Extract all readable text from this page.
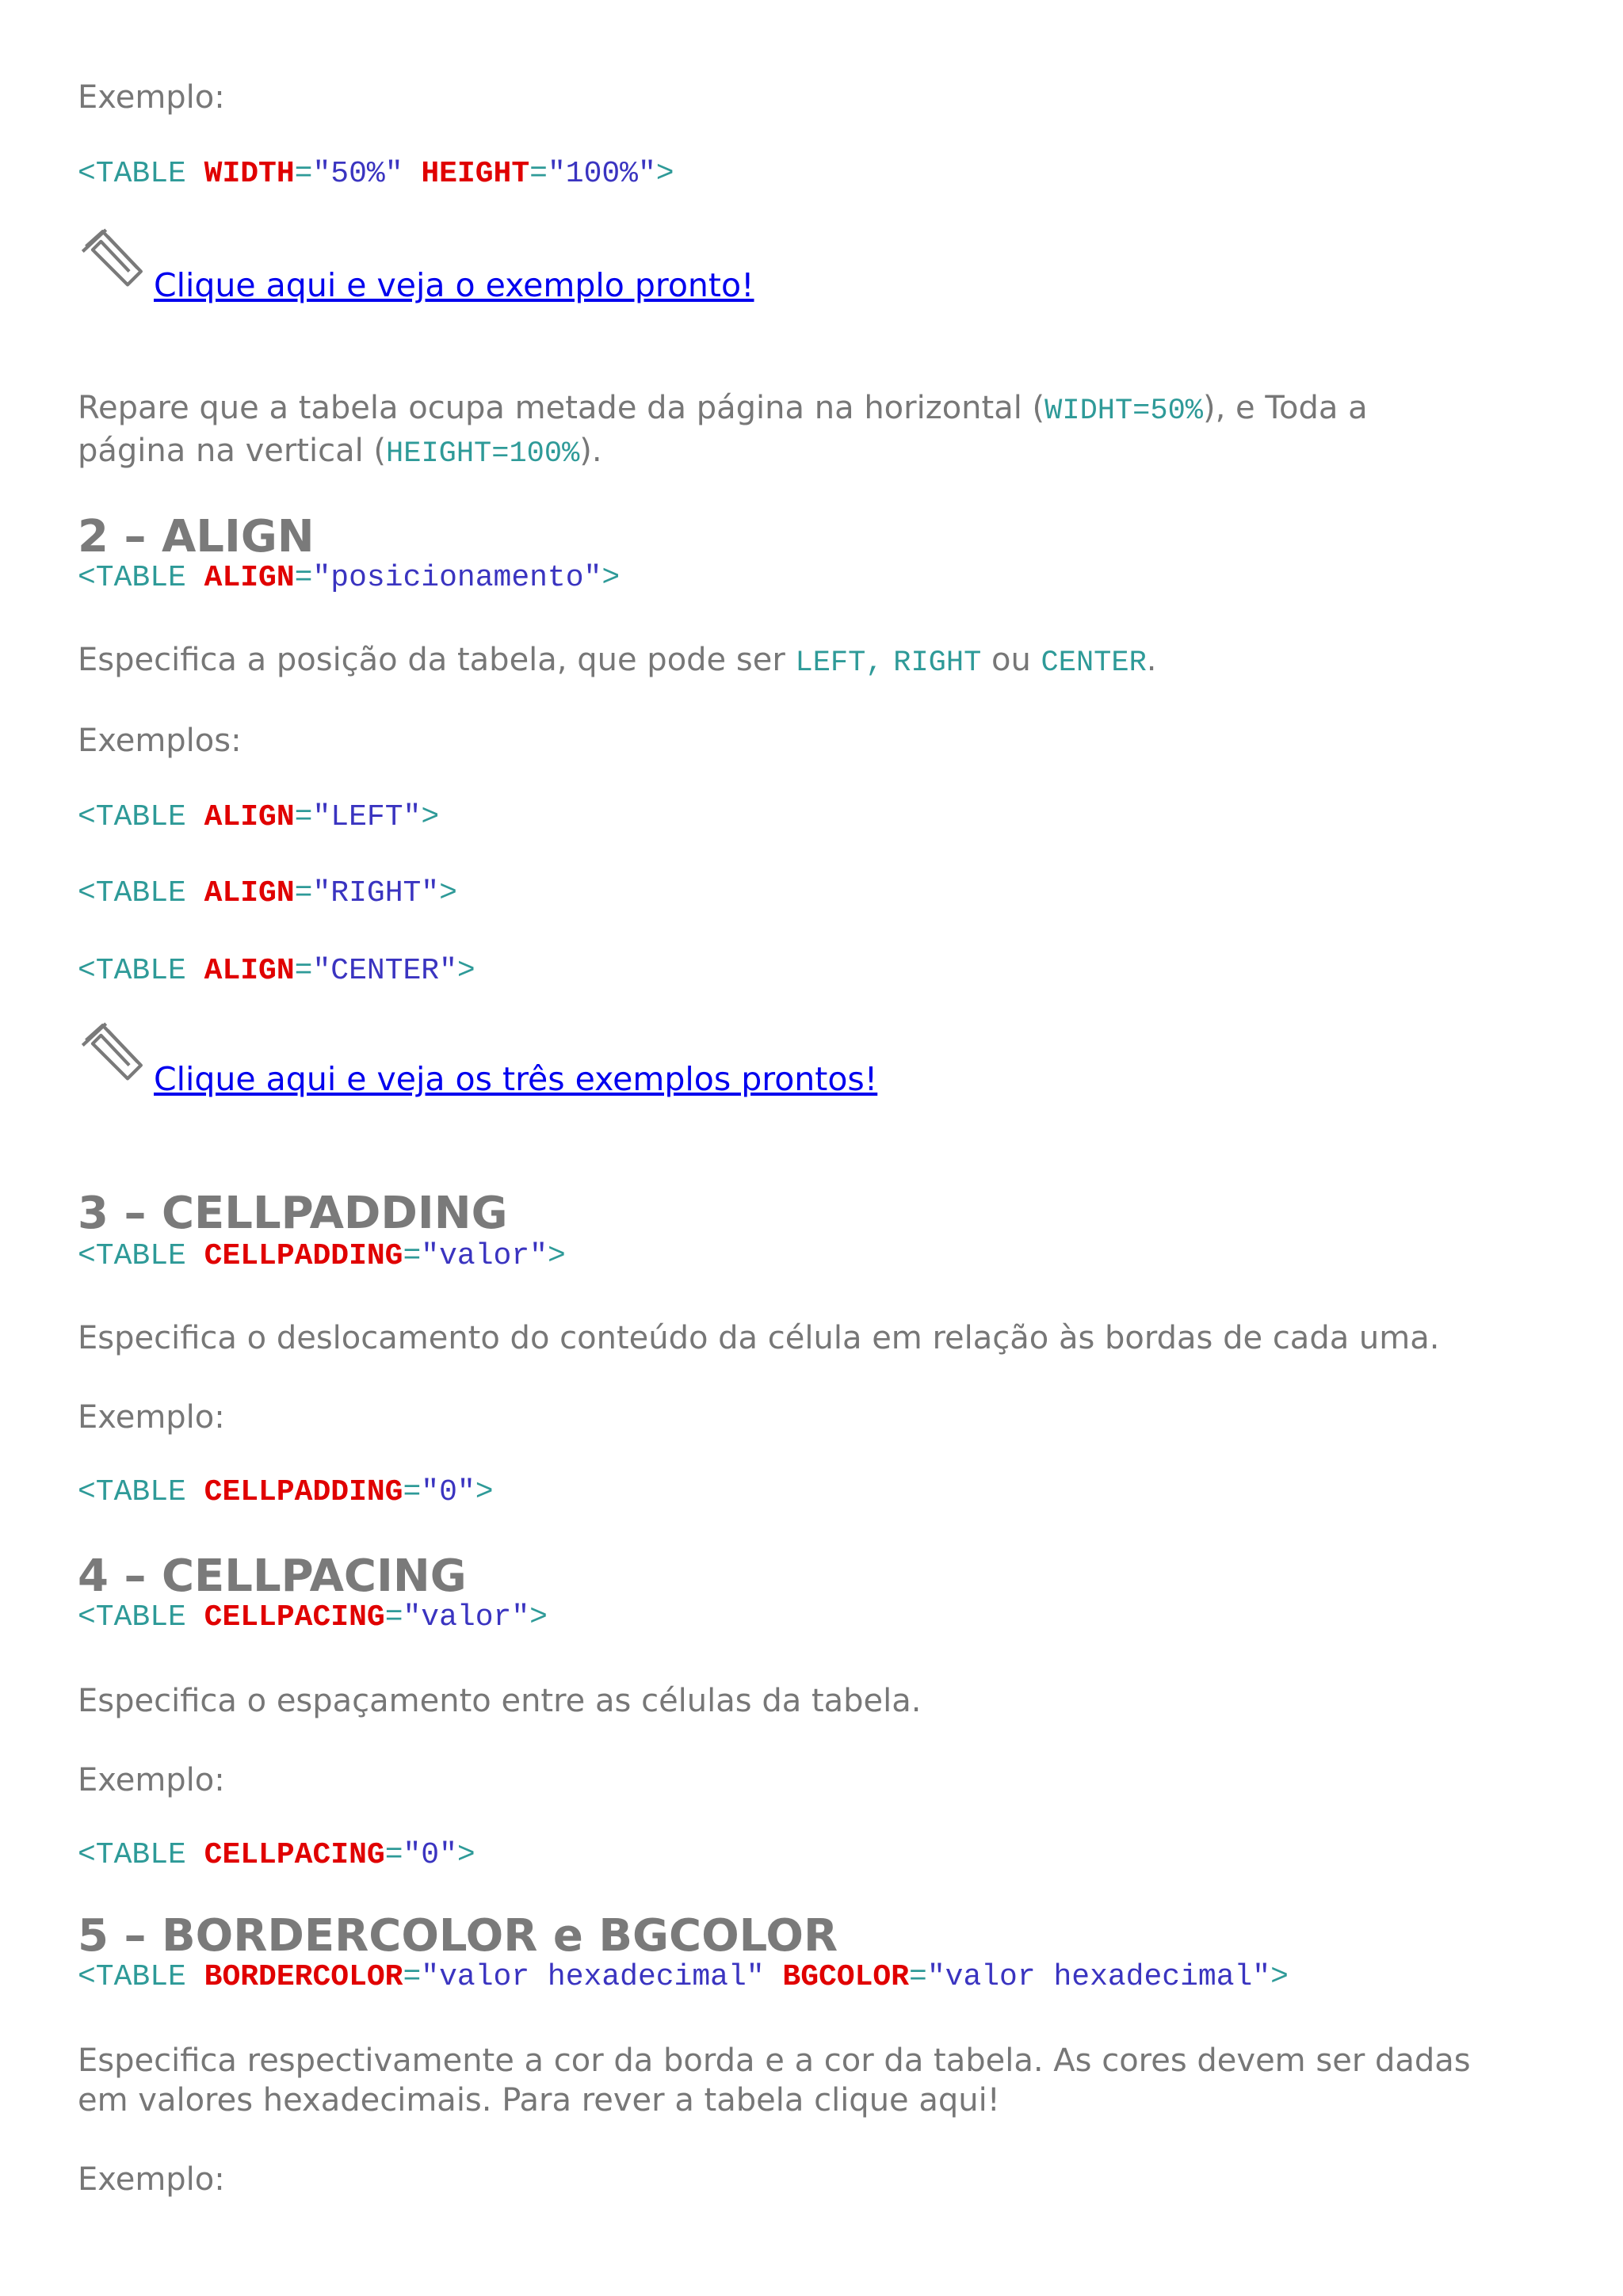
Exemplo:
<TABLE WIDTH="50%" HEIGHT="100%">
Clique aqui e veja o exemplo pronto!
Repare que a tabela ocupa metade da página na horizontal (WIDHT=50%), e Toda a
página na vertical (HEIGHT=100%).
2 – ALIGN
<TABLE ALIGN="posicionamento">
Especifica a posição da tabela, que pode ser LEFT, RIGHT ou CENTER.
Exemplos:
<TABLE ALIGN="LEFT">
<TABLE ALIGN="RIGHT">
<TABLE ALIGN="CENTER">
Clique aqui e veja os três exemplos prontos!
3 – CELLPADDING
<TABLE CELLPADDING="valor">
Especifica o deslocamento do conteúdo da célula em relação às bordas de cada uma.
Exemplo:
<TABLE CELLPADDING="0">
4 – CELLPACING
<TABLE CELLPACING="valor">
Especifica o espaçamento entre as células da tabela.
Exemplo:
<TABLE CELLPACING="0">
5 – BORDERCOLOR e BGCOLOR
<TABLE BORDERCOLOR="valor hexadecimal" BGCOLOR="valor hexadecimal">
Especifica respectivamente a cor da borda e a cor da tabela. As cores devem ser dadas
em valores hexadecimais. Para rever a tabela clique aqui!
Exemplo:
